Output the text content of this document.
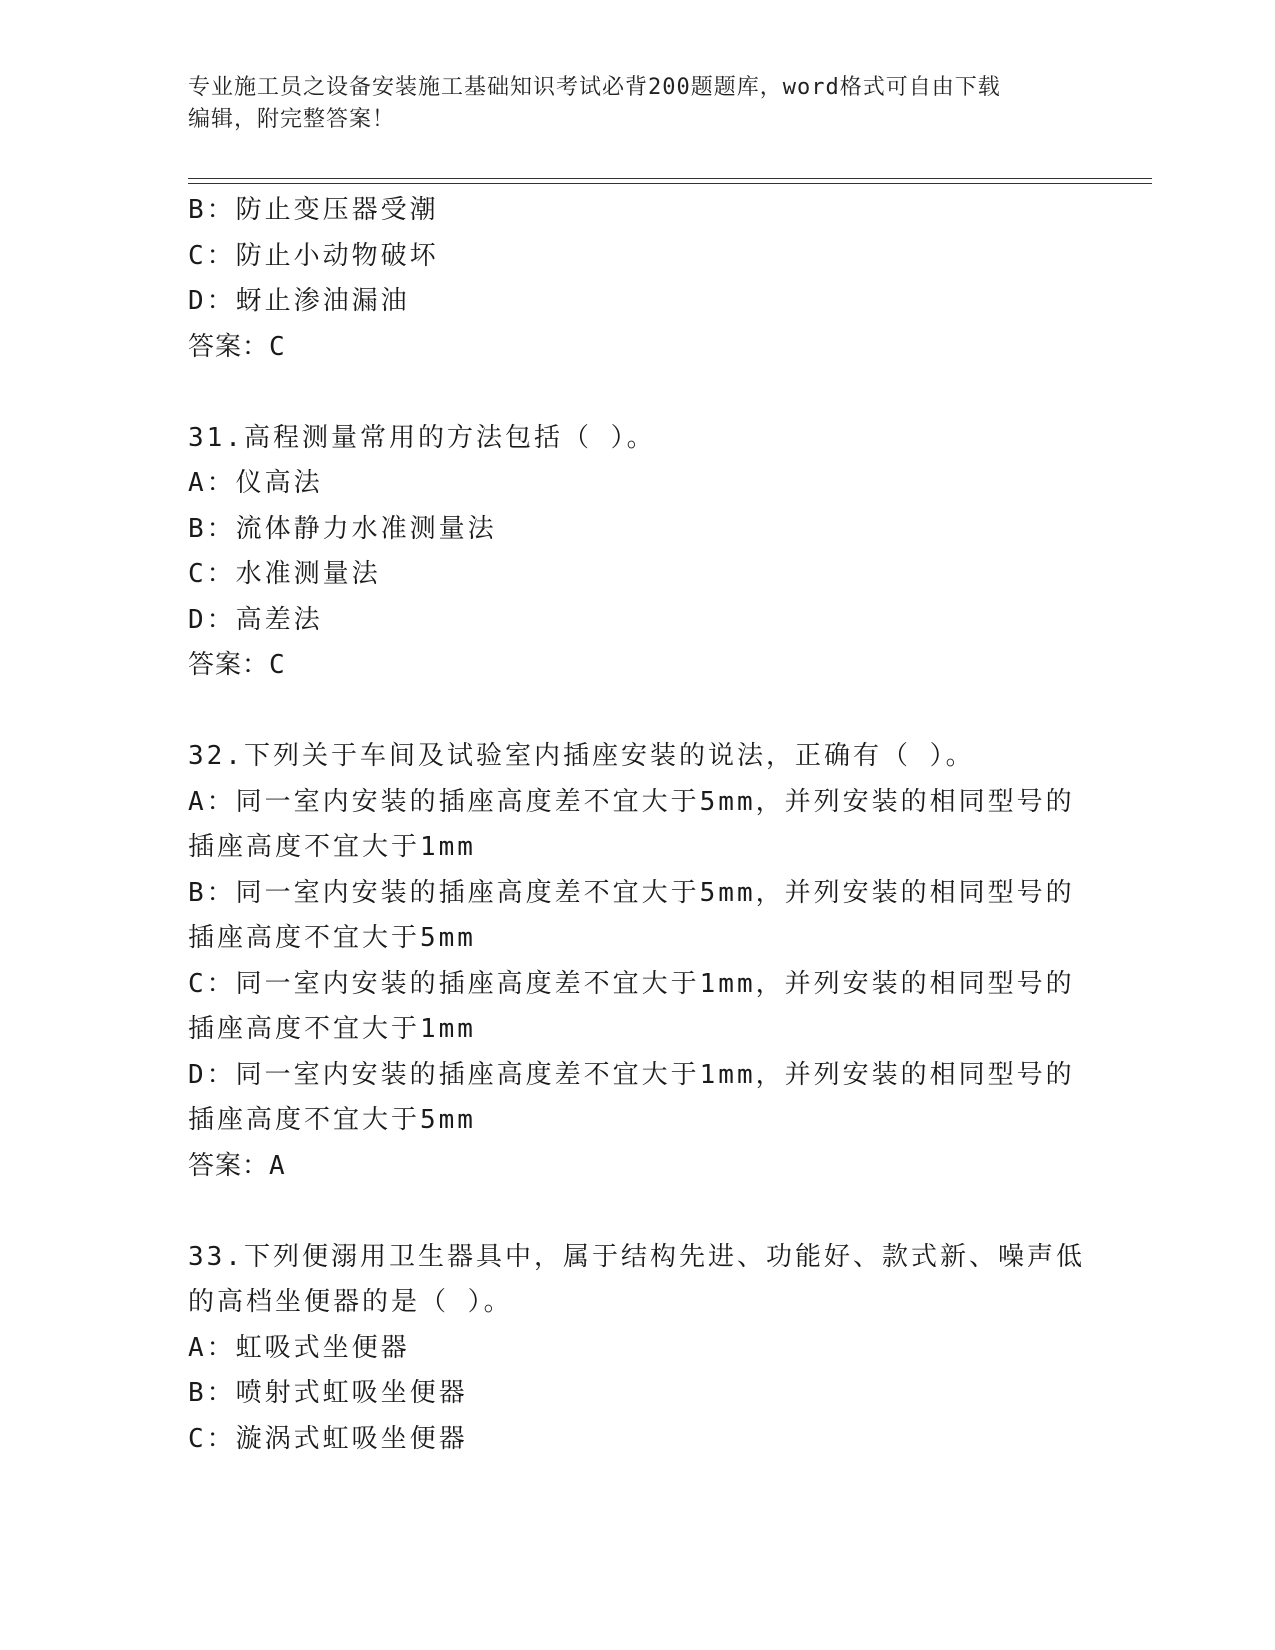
专业施工员之设备安装施工基础知识考试必背200题题库，word格式可自由下载
编辑，附完整答案！
B：防止变压器受潮
C：防止小动物破坏
D：蚜止渗油漏油
答案：C
31.高程测量常用的方法包括（ ）。
A：仪高法
B：流体静力水准测量法
C：水准测量法
D：高差法
答案：C
32.下列关于车间及试验室内插座安装的说法，正确有（ ）。
A：同一室内安装的插座高度差不宜大于5mm，并列安装的相同型号的
插座高度不宜大于1mm
B：同一室内安装的插座高度差不宜大于5mm，并列安装的相同型号的
插座高度不宜大于5mm
C：同一室内安装的插座高度差不宜大于1mm，并列安装的相同型号的
插座高度不宜大于1mm
D：同一室内安装的插座高度差不宜大于1mm，并列安装的相同型号的
插座高度不宜大于5mm
答案：A
33.下列便溺用卫生器具中，属于结构先进、功能好、款式新、噪声低
的高档坐便器的是（ ）。
A：虹吸式坐便器
B：喷射式虹吸坐便器
C：漩涡式虹吸坐便器
